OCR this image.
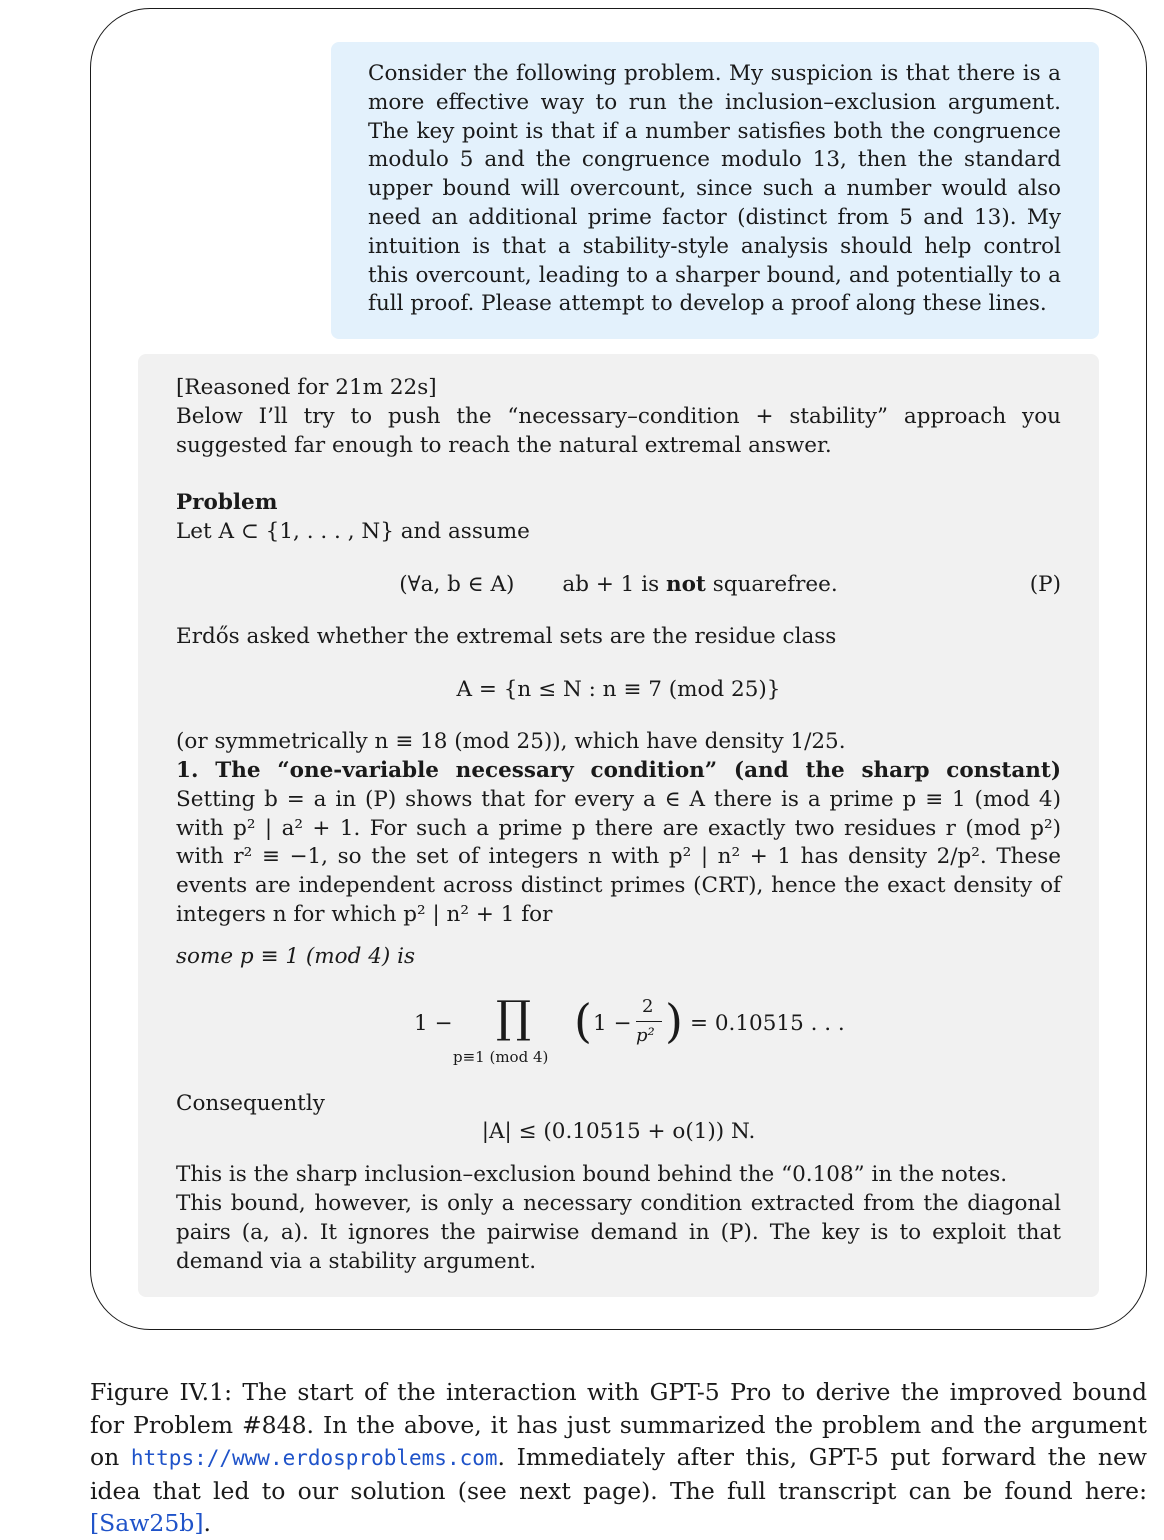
Consider the following problem. My suspicion is that there is a more effective way to run the inclusion–exclusion argument. The key point is that if a number satisfies both the congruence modulo 5 and the congruence modulo 13, then the standard upper bound will overcount, since such a number would also need an additional prime factor (distinct from 5 and 13). My intuition is that a stability-style analysis should help control this overcount, leading to a sharper bound, and potentially to a full proof. Please attempt to develop a proof along these lines.
[Reasoned for 21m 22s]
Below I’ll try to push the “necessary–condition + stability” approach you suggested far enough to reach the natural extremal answer.
Problem
Let A ⊂ {1, . . . , N} and assume
(∀a, b ∈ A) ab + 1 is not squarefree.	(P)
Erdős asked whether the extremal sets are the residue class
A = {n ≤ N : n ≡ 7 (mod 25)}
(or symmetrically n ≡ 18 (mod 25)), which have density 1/25.
1. The “one-variable necessary condition” (and the sharp constant) Setting b = a in (P) shows that for every a ∈ A there is a prime p ≡ 1 (mod 4) with p² | a² + 1. For such a prime p there are exactly two residues r (mod p²) with r² ≡ −1, so the set of integers n with p² | n² + 1 has density 2/p². These events are independent across distinct primes (CRT), hence the exact density of integers n for which p² | n² + 1 for
some p ≡ 1 (mod 4) is
1 − ∏
p≡1 (mod 4)
( 1 −
2
p² ) = 0.10515 . . .
Consequently
|A| ≤ (0.10515 + o(1)) N.
This is the sharp inclusion–exclusion bound behind the “0.108” in the notes.
This bound, however, is only a necessary condition extracted from the diagonal pairs (a, a). It ignores the pairwise demand in (P). The key is to exploit that demand via a stability argument.
Figure IV.1: The start of the interaction with GPT-5 Pro to derive the improved bound for Problem #848. In the above, it has just summarized the problem and the argument on https://www.erdosproblems.com. Immediately after this, GPT-5 put forward the new idea that led to our solution (see next page). The full transcript can be found here: [Saw25b].
